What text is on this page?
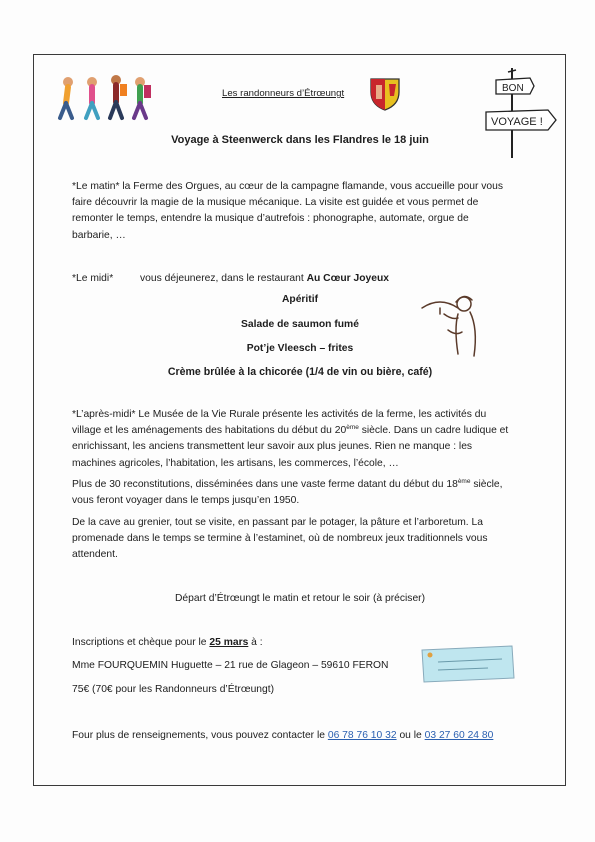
Les randonneurs d’Étrœungt	BON
VOYAGE !
Voyage à Steenwerck dans les Flandres le 18 juin

*Le matin* la Ferme des Orgues, au cœur de la campagne flamande, vous accueille pour vous faire découvrir la magie de la musique mécanique. La visite est guidée et vous permet de remonter le temps, entendre la musique d’autrefois : phonographe, automate, orgue de barbarie, …

*Le midi*	vous déjeunerez, dans le restaurant Au Cœur Joyeux
Apéritif
Salade de saumon fumé
Pot’je Vleesch – frites
Crème brûlée à la chicorée (1/4 de vin ou bière, café)

*L’après-midi* Le Musée de la Vie Rurale présente les activités de la ferme, les activités du village et les aménagements des habitations du début du 20ème siècle. Dans un cadre ludique et enrichissant, les anciens transmettent leur savoir aux plus jeunes. Rien ne manque : les machines agricoles, l’habitation, les artisans, les commerces, l’école, …

Plus de 30 reconstitutions, disséminées dans une vaste ferme datant du début du 18ème siècle, vous feront voyager dans le temps jusqu’en 1950.

De la cave au grenier, tout se visite, en passant par le potager, la pâture et l’arboretum. La promenade dans le temps se termine à l’estaminet, où de nombreux jeux traditionnels vous attendent.

Départ d’Étrœungt le matin et retour le soir (à préciser)
Inscriptions et chèque pour le 25 mars à :
Mme FOURQUEMIN Huguette – 21 rue de Glageon – 59610 FERON
75€ (70€ pour les Randonneurs d’Étrœungt)
Four plus de renseignements, vous pouvez contacter le 06 78 76 10 32 ou le 03 27 60 24 80
